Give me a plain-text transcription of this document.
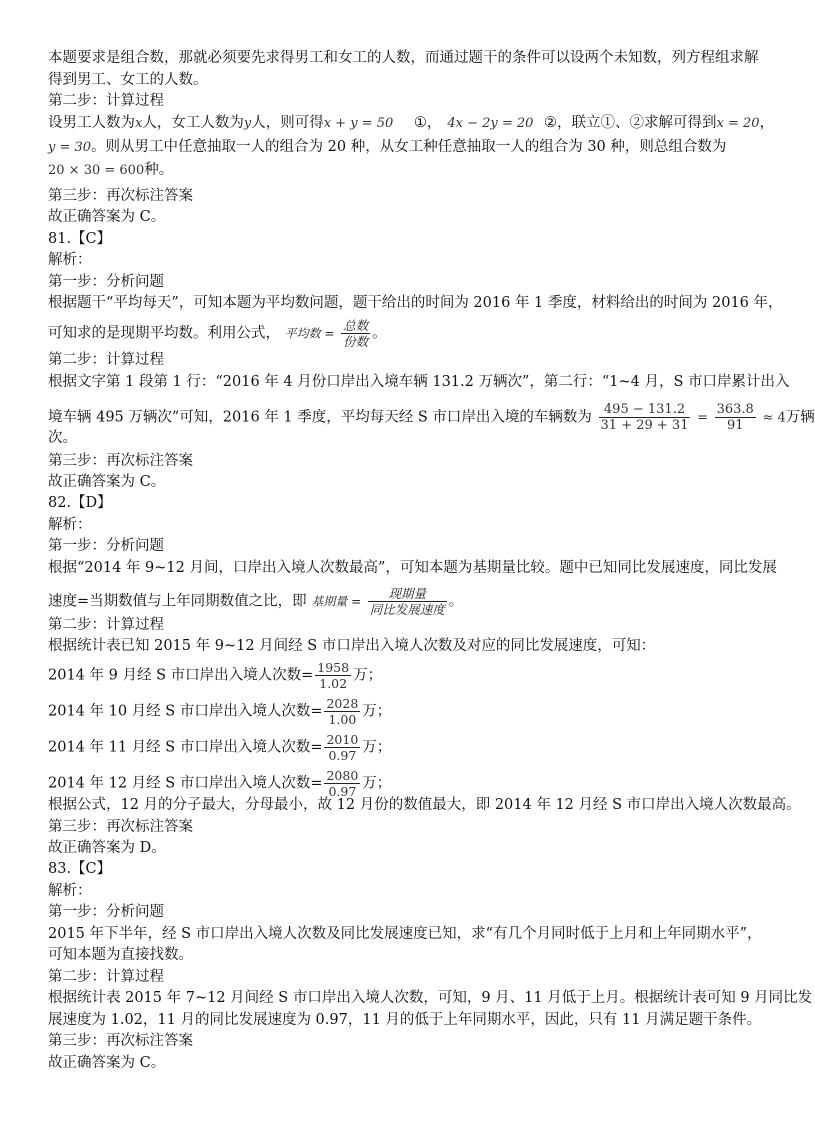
本题要求是组合数，那就必须要先求得男工和女工的人数，而通过题干的条件可以设两个未知数，列方程组求解
得到男工、女工的人数。
第二步：计算过程
设男工人数为x人，女工人数为y人，则可得x + y = 50 ①， 4x − 2y = 20 ②，联立①、②求解可得到x = 20，
y = 30。则从男工中任意抽取一人的组合为 20 种，从女工种任意抽取一人的组合为 30 种，则总组合数为
20 × 30 = 600种。
第三步：再次标注答案
故正确答案为 C。
81.【C】
解析：
第一步：分析问题
根据题干“平均每天”，可知本题为平均数问题，题干给出的时间为 2016 年 1 季度，材料给出的时间为 2016 年，
可知求的是现期平均数。利用公式， 平均数 = $\frac{\text{总数}}{\text{份数}}$ 。
第二步：计算过程
根据文字第 1 段第 1 行：“2016 年 4 月份口岸出入境车辆 131.2 万辆次”，第二行：“1~4 月，S 市口岸累计出入
境车辆 495 万辆次”可知，2016 年 1 季度，平均每天经 S 市口岸出入境的车辆数为 $\frac{495 - 131.2}{31 + 29 + 31} = \frac{363.8}{91} \approx 4$万辆
次。
第三步：再次标注答案
故正确答案为 C。
82.【D】
解析：
第一步：分析问题
根据“2014 年 9~12 月间，口岸出入境人次数最高”，可知本题为基期量比较。题中已知同比发展速度，同比发展
速度=当期数值与上年同期数值之比，即 基期量 = $\frac{\text{现期量}}{\text{同比发展速度}}$ 。
第二步：计算过程
根据统计表已知 2015 年 9~12 月间经 S 市口岸出入境人次数及对应的同比发展速度，可知：
2014 年 9 月经 S 市口岸出入境人次数= $\frac{1958}{1.02}$ 万；
2014 年 10 月经 S 市口岸出入境人次数= $\frac{2028}{1.00}$ 万；
2014 年 11 月经 S 市口岸出入境人次数= $\frac{2010}{0.97}$ 万；
2014 年 12 月经 S 市口岸出入境人次数= $\frac{2080}{0.97}$ 万；
根据公式，12 月的分子最大，分母最小，故 12 月份的数值最大，即 2014 年 12 月经 S 市口岸出入境人次数最高。
第三步：再次标注答案
故正确答案为 D。
83.【C】
解析：
第一步：分析问题
2015 年下半年，经 S 市口岸出入境人次数及同比发展速度已知，求“有几个月同时低于上月和上年同期水平”，
可知本题为直接找数。
第二步：计算过程
根据统计表 2015 年 7~12 月间经 S 市口岸出入境人次数，可知，9 月、11 月低于上月。根据统计表可知 9 月同比发
展速度为 1.02，11 月的同比发展速度为 0.97，11 月的低于上年同期水平，因此，只有 11 月满足题干条件。
第三步：再次标注答案
故正确答案为 C。
